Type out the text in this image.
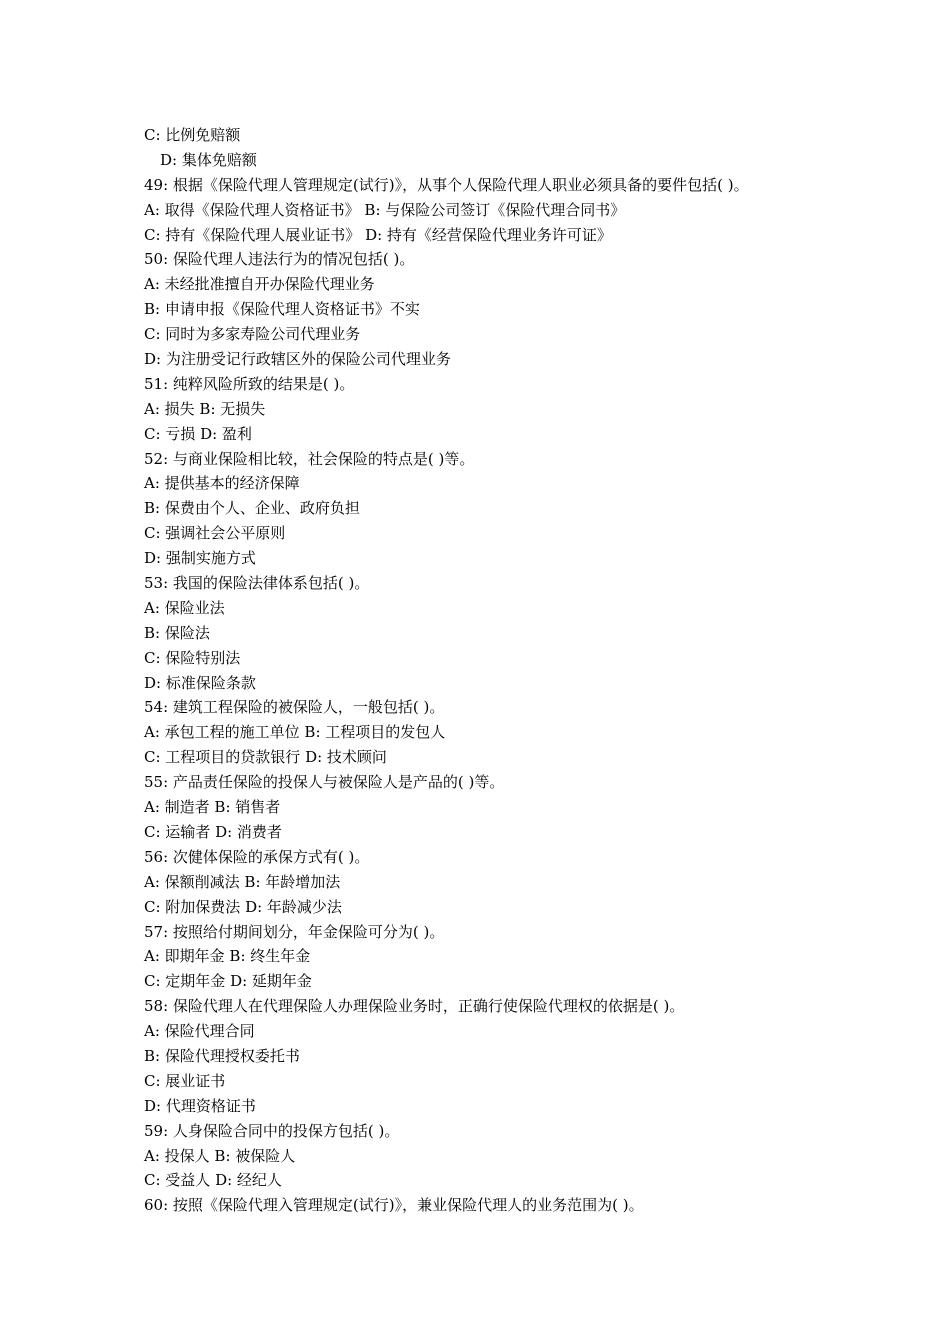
C: 比例免赔额
D: 集体免赔额
49: 根据《保险代理人管理规定(试行)》，从事个人保险代理人职业必须具备的要件包括( )。
A: 取得《保险代理人资格证书》 B: 与保险公司签订《保险代理合同书》
C: 持有《保险代理人展业证书》 D: 持有《经营保险代理业务许可证》
50: 保险代理人违法行为的情况包括( )。
A: 未经批准擅自开办保险代理业务
B: 申请申报《保险代理人资格证书》不实
C: 同时为多家寿险公司代理业务
D: 为注册受记行政辖区外的保险公司代理业务
51: 纯粹风险所致的结果是( )。
A: 损失 B: 无损失
C: 亏损 D: 盈利
52: 与商业保险相比较，社会保险的特点是( )等。
A: 提供基本的经济保障
B: 保费由个人、企业、政府负担
C: 强调社会公平原则
D: 强制实施方式
53: 我国的保险法律体系包括( )。
A: 保险业法
B: 保险法
C: 保险特别法
D: 标准保险条款
54: 建筑工程保险的被保险人，一般包括( )。
A: 承包工程的施工单位 B: 工程项目的发包人
C: 工程项目的贷款银行 D: 技术顾问
55: 产品责任保险的投保人与被保险人是产品的( )等。
A: 制造者 B: 销售者
C: 运输者 D: 消费者
56: 次健体保险的承保方式有( )。
A: 保额削减法 B: 年龄增加法
C: 附加保费法 D: 年龄减少法
57: 按照给付期间划分，年金保险可分为( )。
A: 即期年金 B: 终生年金
C: 定期年金 D: 延期年金
58: 保险代理人在代理保险人办理保险业务时，正确行使保险代理权的依据是( )。
A: 保险代理合同
B: 保险代理授权委托书
C: 展业证书
D: 代理资格证书
59: 人身保险合同中的投保方包括( )。
A: 投保人 B: 被保险人
C: 受益人 D: 经纪人
60: 按照《保险代理入管理规定(试行)》，兼业保险代理人的业务范围为( )。
